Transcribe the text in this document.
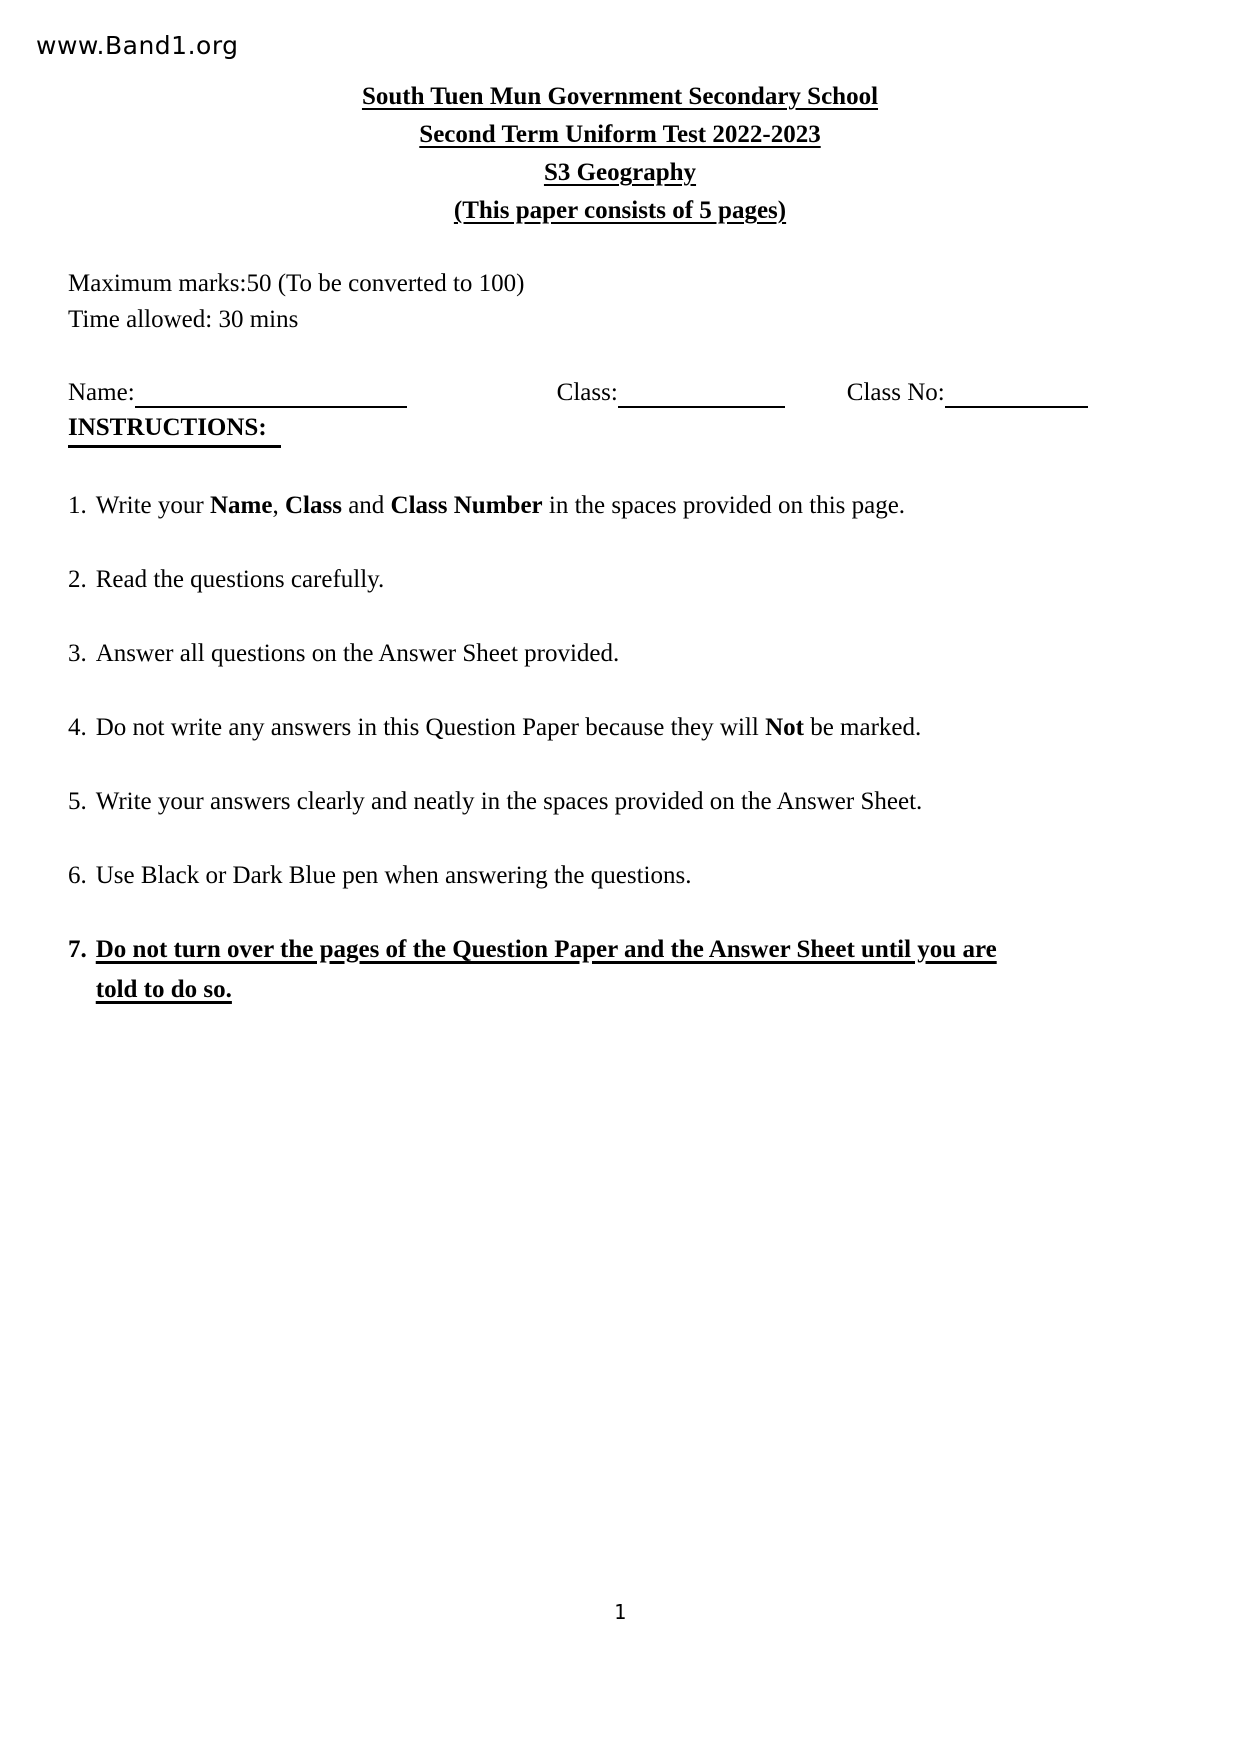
www.Band1.org
South Tuen Mun Government Secondary School
Second Term Uniform Test 2022-2023
S3 Geography
(This paper consists of 5 pages)
Maximum marks:50 (To be converted to 100)
Time allowed: 30 mins
Name:	Class:	Class No:
INSTRUCTIONS:
1. Write your Name, Class and Class Number in the spaces provided on this page.
2. Read the questions carefully.
3. Answer all questions on the Answer Sheet provided.
4. Do not write any answers in this Question Paper because they will Not be marked.
5. Write your answers clearly and neatly in the spaces provided on the Answer Sheet.
6. Use Black or Dark Blue pen when answering the questions.
7. Do not turn over the pages of the Question Paper and the Answer Sheet until you are
told to do so.
1
